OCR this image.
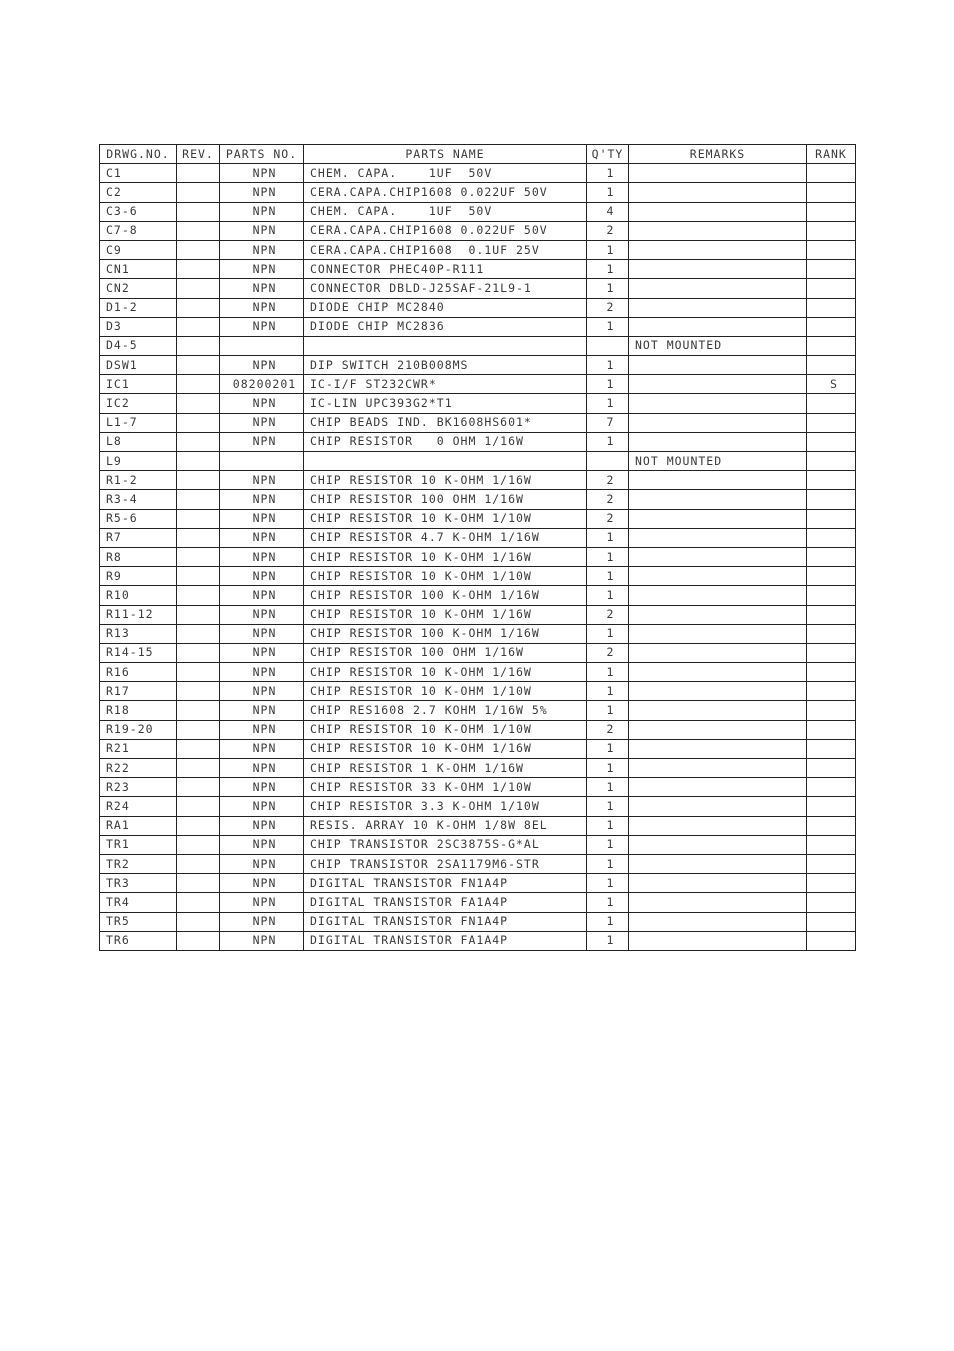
DRWG.NO.	REV.	PARTS NO.	PARTS NAME	Q'TY	REMARKS	RANK
C1		NPN	CHEM. CAPA.    1UF  50V	1		
C2		NPN	CERA.CAPA.CHIP1608 0.022UF 50V	1		
C3-6		NPN	CHEM. CAPA.    1UF  50V	4		
C7-8		NPN	CERA.CAPA.CHIP1608 0.022UF 50V	2		
C9		NPN	CERA.CAPA.CHIP1608  0.1UF 25V	1		
CN1		NPN	CONNECTOR PHEC40P-R111	1		
CN2		NPN	CONNECTOR DBLD-J25SAF-21L9-1	1		
D1-2		NPN	DIODE CHIP MC2840	2		
D3		NPN	DIODE CHIP MC2836	1		
D4-5					NOT MOUNTED	
DSW1		NPN	DIP SWITCH 210B008MS	1		
IC1		08200201	IC-I/F ST232CWR*	1		S
IC2		NPN	IC-LIN UPC393G2*T1	1		
L1-7		NPN	CHIP BEADS IND. BK1608HS601*	7		
L8		NPN	CHIP RESISTOR   0 OHM 1/16W	1		
L9					NOT MOUNTED	
R1-2		NPN	CHIP RESISTOR 10 K-OHM 1/16W	2		
R3-4		NPN	CHIP RESISTOR 100 OHM 1/16W	2		
R5-6		NPN	CHIP RESISTOR 10 K-OHM 1/10W	2		
R7		NPN	CHIP RESISTOR 4.7 K-OHM 1/16W	1		
R8		NPN	CHIP RESISTOR 10 K-OHM 1/16W	1		
R9		NPN	CHIP RESISTOR 10 K-OHM 1/10W	1		
R10		NPN	CHIP RESISTOR 100 K-OHM 1/16W	1		
R11-12		NPN	CHIP RESISTOR 10 K-OHM 1/16W	2		
R13		NPN	CHIP RESISTOR 100 K-OHM 1/16W	1		
R14-15		NPN	CHIP RESISTOR 100 OHM 1/16W	2		
R16		NPN	CHIP RESISTOR 10 K-OHM 1/16W	1		
R17		NPN	CHIP RESISTOR 10 K-OHM 1/10W	1		
R18		NPN	CHIP RES1608 2.7 KOHM 1/16W 5%	1		
R19-20		NPN	CHIP RESISTOR 10 K-OHM 1/10W	2		
R21		NPN	CHIP RESISTOR 10 K-OHM 1/16W	1		
R22		NPN	CHIP RESISTOR 1 K-OHM 1/16W	1		
R23		NPN	CHIP RESISTOR 33 K-OHM 1/10W	1		
R24		NPN	CHIP RESISTOR 3.3 K-OHM 1/10W	1		
RA1		NPN	RESIS. ARRAY 10 K-OHM 1/8W 8EL	1		
TR1		NPN	CHIP TRANSISTOR 2SC3875S-G*AL	1		
TR2		NPN	CHIP TRANSISTOR 2SA1179M6-STR	1		
TR3		NPN	DIGITAL TRANSISTOR FN1A4P	1		
TR4		NPN	DIGITAL TRANSISTOR FA1A4P	1		
TR5		NPN	DIGITAL TRANSISTOR FN1A4P	1		
TR6		NPN	DIGITAL TRANSISTOR FA1A4P	1		
